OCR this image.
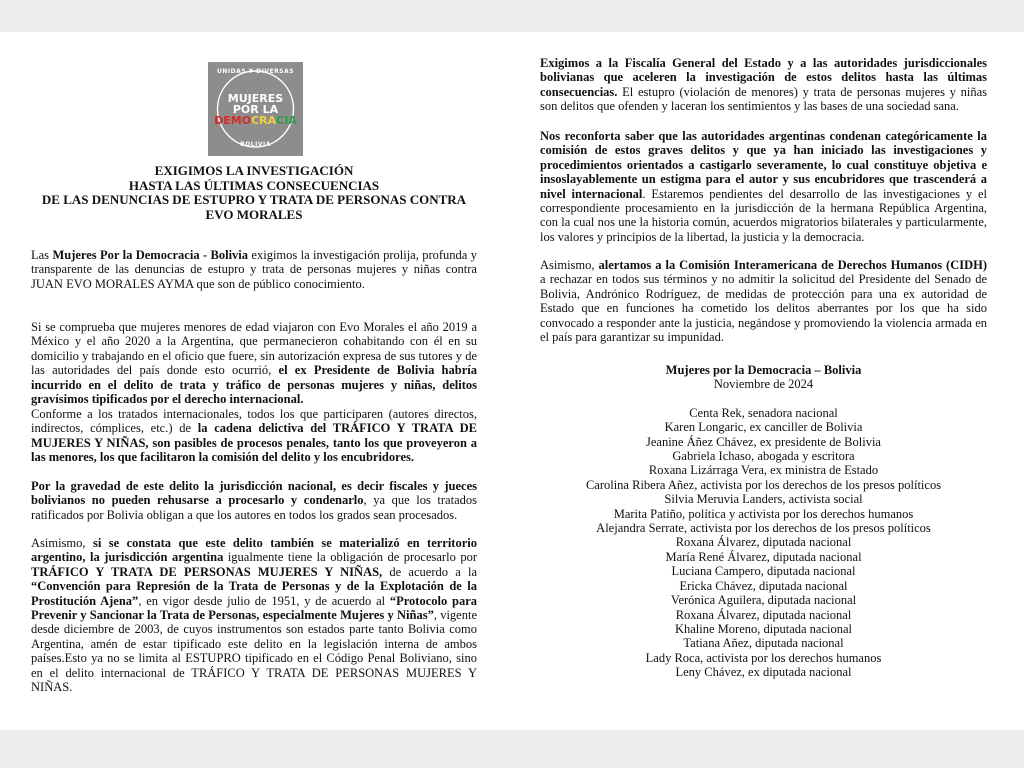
UNIDAS Y DIVERSAS
MUJERES
POR LA
DEMOCRACIA
BOLIVIA
EXIGIMOS LA INVESTIGACIÓN
HASTA LAS ÚLTIMAS CONSECUENCIAS
DE LAS DENUNCIAS DE ESTUPRO Y TRATA DE PERSONAS CONTRA
EVO MORALES

Las Mujeres Por la Democracia - Bolivia exigimos la investigación prolija, profunda y transparente de las denuncias de estupro y trata de personas mujeres y niñas contra JUAN EVO MORALES AYMA que son de público conocimiento.

Si se comprueba que mujeres menores de edad viajaron con Evo Morales el año 2019 a México y el año 2020 a la Argentina, que permanecieron cohabitando con él en su domicilio y trabajando en el oficio que fuere, sin autorización expresa de sus tutores y de las autoridades del país donde esto ocurrió, el ex Presidente de Bolivia habría incurrido en el delito de trata y tráfico de personas mujeres y niñas, delitos gravísimos tipificados por el derecho internacional.

Conforme a los tratados internacionales, todos los que participaren (autores directos, indirectos, cómplices, etc.) de la cadena delictiva del TRÁFICO Y TRATA DE MUJERES Y NIÑAS, son pasibles de procesos penales, tanto los que proveyeron a las menores, los que facilitaron la comisión del delito y los encubridores.

Por la gravedad de este delito la jurisdicción nacional, es decir fiscales y jueces bolivianos no pueden rehusarse a procesarlo y condenarlo, ya que los tratados ratificados por Bolivia obligan a que los autores en todos los grados sean procesados.

Asimismo, si se constata que este delito también se materializó en territorio argentino, la jurisdicción argentina igualmente tiene la obligación de procesarlo por TRÁFICO Y TRATA DE PERSONAS MUJERES Y NIÑAS, de acuerdo a la “Convención para Represión de la Trata de Personas y de la Explotación de la Prostitución Ajena”, en vigor desde julio de 1951, y de acuerdo al “Protocolo para Prevenir y Sancionar la Trata de Personas, especialmente Mujeres y Niñas”, vigente desde diciembre de 2003, de cuyos instrumentos son estados parte tanto Bolivia como Argentina, amén de estar tipificado este delito en la legislación interna de ambos países.Esto ya no se limita al ESTUPRO tipificado en el Código Penal Boliviano, sino en el delito internacional de TRÁFICO Y TRATA DE PERSONAS MUJERES Y NIÑAS.

Exigimos a la Fiscalía General del Estado y a las autoridades jurisdiccionales bolivianas que aceleren la investigación de estos delitos hasta las últimas consecuencias. El estupro (violación de menores) y trata de personas mujeres y niñas son delitos que ofenden y laceran los sentimientos y las bases de una sociedad sana.

Nos reconforta saber que las autoridades argentinas condenan categóricamente la comisión de estos graves delitos y que ya han iniciado las investigaciones y procedimientos orientados a castigarlo severamente, lo cual constituye objetiva e insoslayablemente un estigma para el autor y sus encubridores que trascenderá a nivel internacional. Estaremos pendientes del desarrollo de las investigaciones y el correspondiente procesamiento en la jurisdicción de la hermana República Argentina, con la cual nos une la historia común, acuerdos migratorios bilaterales y particularmente, los valores y principios de la libertad, la justicia y la democracia.

Asimismo, alertamos a la Comisión Interamericana de Derechos Humanos (CIDH) a rechazar en todos sus términos y no admitir la solicitud del Presidente del Senado de Bolivia, Andrónico Rodríguez, de medidas de protección para una ex autoridad de Estado que en funciones ha cometido los delitos aberrantes por los que ha sido convocado a responder ante la justicia, negándose y promoviendo la violencia armada en el país para garantizar su impunidad.

Mujeres por la Democracia – Bolivia
Noviembre de 2024
Centa Rek, senadora nacional
Karen Longaric, ex canciller de Bolivia
Jeanine Áñez Chávez, ex presidente de Bolivia
Gabriela Ichaso, abogada y escritora
Roxana Lizárraga Vera, ex ministra de Estado
Carolina Ribera Añez, activista por los derechos de los presos políticos
Silvia Meruvia Landers, activista social
Marita Patiño, política y activista por los derechos humanos
Alejandra Serrate, activista por los derechos de los presos políticos
Roxana Álvarez, diputada nacional
María René Álvarez, diputada nacional
Luciana Campero, diputada nacional
Ericka Chávez, diputada nacional
Verónica Aguilera, diputada nacional
Roxana Álvarez, diputada nacional
Khaline Moreno, diputada nacional
Tatiana Añez, diputada nacional
Lady Roca, activista por los derechos humanos
Leny Chávez, ex diputada nacional
